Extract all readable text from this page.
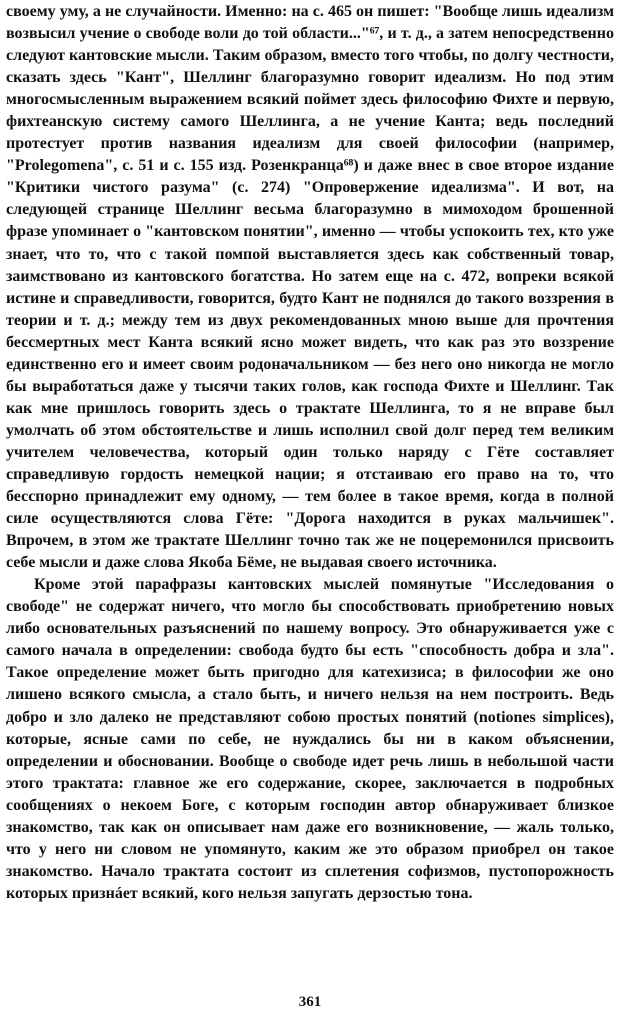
своему уму, а не случайности. Именно: на с. 465 он пишет: "Вообще лишь идеализм возвысил учение о свободе воли до той области..."⁶⁷, и т. д., а затем непосредственно следуют кантовские мысли. Таким образом, вместо того чтобы, по долгу честности, сказать здесь "Кант", Шеллинг благоразумно говорит идеализм. Но под этим многосмысленным выражением всякий поймет здесь философию Фихте и первую, фихтеанскую систему самого Шеллинга, а не учение Канта; ведь последний протестует против названия идеализм для своей философии (например, "Prolegomena", с. 51 и с. 155 изд. Розенкранца⁶⁸) и даже внес в свое второе издание "Критики чистого разума" (с. 274) "Опровержение идеализма". И вот, на следующей странице Шеллинг весьма благоразумно в мимоходом брошенной фразе упоминает о "кантовском понятии", именно — чтобы успокоить тех, кто уже знает, что то, что с такой помпой выставляется здесь как собственный товар, заимствовано из кантовского богатства. Но затем еще на с. 472, вопреки всякой истине и справедливости, говорится, будто Кант не поднялся до такого воззрения в теории и т. д.; между тем из двух рекомендованных мною выше для прочтения бессмертных мест Канта всякий ясно может видеть, что как раз это воззрение единственно его и имеет своим родоначальником — без него оно никогда не могло бы выработаться даже у тысячи таких голов, как господа Фихте и Шеллинг. Так как мне пришлось говорить здесь о трактате Шеллинга, то я не вправе был умолчать об этом обстоятельстве и лишь исполнил свой долг перед тем великим учителем человечества, который один только наряду с Гёте составляет справедливую гордость немецкой нации; я отстаиваю его право на то, что бесспорно принадлежит ему одному, — тем более в такое время, когда в полной силе осуществляются слова Гёте: "Дорога находится в руках мальчишек". Впрочем, в этом же трактате Шеллинг точно так же не поцеремонился присвоить себе мысли и даже слова Якоба Бёме, не выдавая своего источника.

Кроме этой парафразы кантовских мыслей помянутые "Исследования о свободе" не содержат ничего, что могло бы способствовать приобретению новых либо основательных разъяснений по нашему вопросу. Это обнаруживается уже с самого начала в определении: свобода будто бы есть "способность добра и зла". Такое определение может быть пригодно для катехизиса; в философии же оно лишено всякого смысла, а стало быть, и ничего нельзя на нем построить. Ведь добро и зло далеко не представляют собою простых понятий (notiones simplices), которые, ясные сами по себе, не нуждались бы ни в каком объяснении, определении и обосновании. Вообще о свободе идет речь лишь в небольшой части этого трактата: главное же его содержание, скорее, заключается в подробных сообщениях о некоем Боге, с которым господин автор обнаруживает близкое знакомство, так как он описывает нам даже его возникновение, — жаль только, что у него ни словом не упомянуто, каким же это образом приобрел он такое знакомство. Начало трактата состоит из сплетения софизмов, пустопорожность которых признáет всякий, кого нельзя запугать дерзостью тона.

361
